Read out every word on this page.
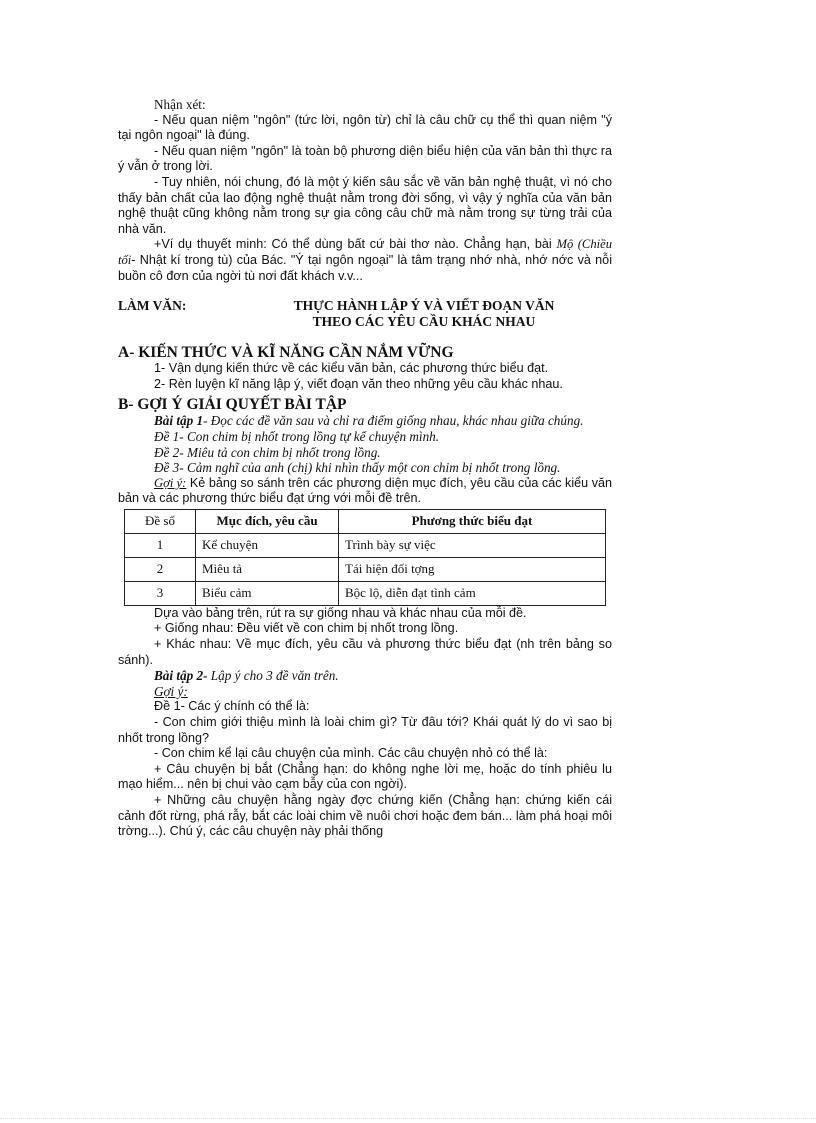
Nhận xét:

- Nếu quan niệm "ngôn" (tức lời, ngôn từ) chỉ là câu chữ cụ thể thì quan niệm "ý tại ngôn ngoại" là đúng.

- Nếu quan niệm "ngôn" là toàn bộ phương diện biểu hiện của văn bản thì thực ra ý vẫn ở trong lời.

- Tuy nhiên, nói chung, đó là một ý kiến sâu sắc về văn bản nghệ thuật, vì nó cho thấy bản chất của lao động nghệ thuật nằm trong đời sống, vì vậy ý nghĩa của văn bản nghệ thuật cũng không nằm trong sự gia công câu chữ mà nằm trong sự từng trải của nhà văn.

+Ví dụ thuyết minh: Có thể dùng bất cứ bài thơ nào. Chẳng hạn, bài Mộ (Chiều tối- Nhật kí trong tù) của Bác. "Ý tại ngôn ngoại" là tâm trạng nhớ nhà, nhớ nớc và nỗi buồn cô đơn của ngời tù nơi đất khách v.v...

LÀM VĂN:	THỰC HÀNH LẬP Ý VÀ VIẾT ĐOẠN VĂN
THEO CÁC YÊU CẦU KHÁC NHAU

A- KIẾN THỨC VÀ KĨ NĂNG CẦN NẮM VỮNG

1- Vận dụng kiến thức về các kiểu văn bản, các phương thức biểu đạt.

2- Rèn luyện kĩ năng lập ý, viết đoạn văn theo những yêu cầu khác nhau.

B- GỢI Ý GIẢI QUYẾT BÀI TẬP

Bài tập 1- Đọc các đề văn sau và chỉ ra điểm giống nhau, khác nhau giữa chúng.

Đề 1- Con chim bị nhốt trong lồng tự kể chuyện mình.

Đề 2- Miêu tả con chim bị nhốt trong lồng.

Đề 3- Cảm nghĩ của anh (chị) khi nhìn thấy một con chim bị nhốt trong lồng.

Gợi ý: Kẻ bảng so sánh trên các phương diện mục đích, yêu cầu của các kiểu văn bản và các phương thức biểu đạt ứng với mỗi đề trên.

Đề số	Mục đích, yêu cầu	Phương thức biểu đạt
1	Kể chuyện	Trình bày sự việc
2	Miêu tả	Tái hiện đối tợng
3	Biểu cảm	Bộc lộ, diễn đạt tình cảm

Dựa vào bảng trên, rút ra sự giống nhau và khác nhau của mỗi đề.

+ Giống nhau: Đều viết về con chim bị nhốt trong lồng.

+ Khác nhau: Về mục đích, yêu cầu và phương thức biểu đạt (nh trên bảng so sánh).

Bài tập 2- Lập ý cho 3 đề văn trên.

Gợi ý:

Đề 1- Các ý chính có thể là:

- Con chim giới thiệu mình là loài chim gì? Từ đâu tới? Khái quát lý do vì sao bị nhốt trong lồng?

- Con chim kể lại câu chuyện của mình. Các câu chuyện nhỏ có thể là:

+ Câu chuyện bị bắt (Chẳng hạn: do không nghe lời mẹ, hoặc do tính phiêu lu mạo hiểm... nên bị chui vào cạm bẫy của con ngời).

+ Những câu chuyện hằng ngày đợc chứng kiến (Chẳng hạn: chứng kiến cái cảnh đốt rừng, phá rẫy, bắt các loài chim về nuôi chơi hoặc đem bán... làm phá hoại môi trờng...). Chú ý, các câu chuyện này phải thống
